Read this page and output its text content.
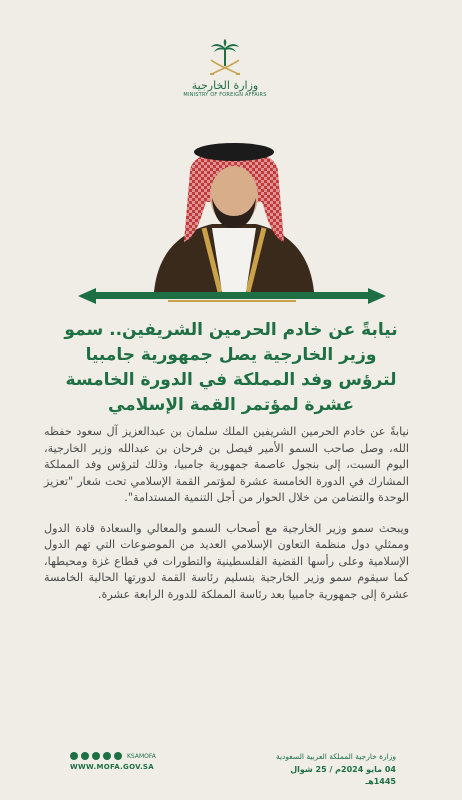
وزارة الخارجية
MINISTRY OF FOREIGN AFFAIRS

نيابةً عن خادم الحرمين الشريفين.. سمو

وزير الخارجية يصل جمهورية جامبيا

لترؤس وفد المملكة في الدورة الخامسة

عشرة لمؤتمر القمة الإسلامي

نيابةً عن خادم الحرمين الشريفين الملك سلمان بن عبدالعزيز آل سعود حفظه الله، وصل صاحب السمو الأمير فيصل بن فرحان بن عبدالله وزير الخارجية، اليوم السبت، إلى بنجول عاصمة جمهورية جامبيا، وذلك لترؤس وفد المملكة المشارك في الدورة الخامسة عشرة لمؤتمر القمة الإسلامي تحت شعار "تعزيز الوحدة والتضامن من خلال الحوار من أجل التنمية المستدامة".

ويبحث سمو وزير الخارجية مع أصحاب السمو والمعالي والسعادة قادة الدول وممثلي دول منظمة التعاون الإسلامي العديد من الموضوعات التي تهم الدول الإسلامية وعلى رأسها القضية الفلسطينية والتطورات في قطاع غزة ومحيطها، كما سيقوم سمو وزير الخارجية بتسليم رئاسة القمة لدورتها الحالية الخامسة عشرة إلى جمهورية جامبيا بعد رئاسة المملكة للدورة الرابعة عشرة.

KSAMOFA
WWW.MOFA.GOV.SA
وزارة خارجية المملكة العربية السعودية
04 مايو 2024م / 25 شوال 1445هـ
